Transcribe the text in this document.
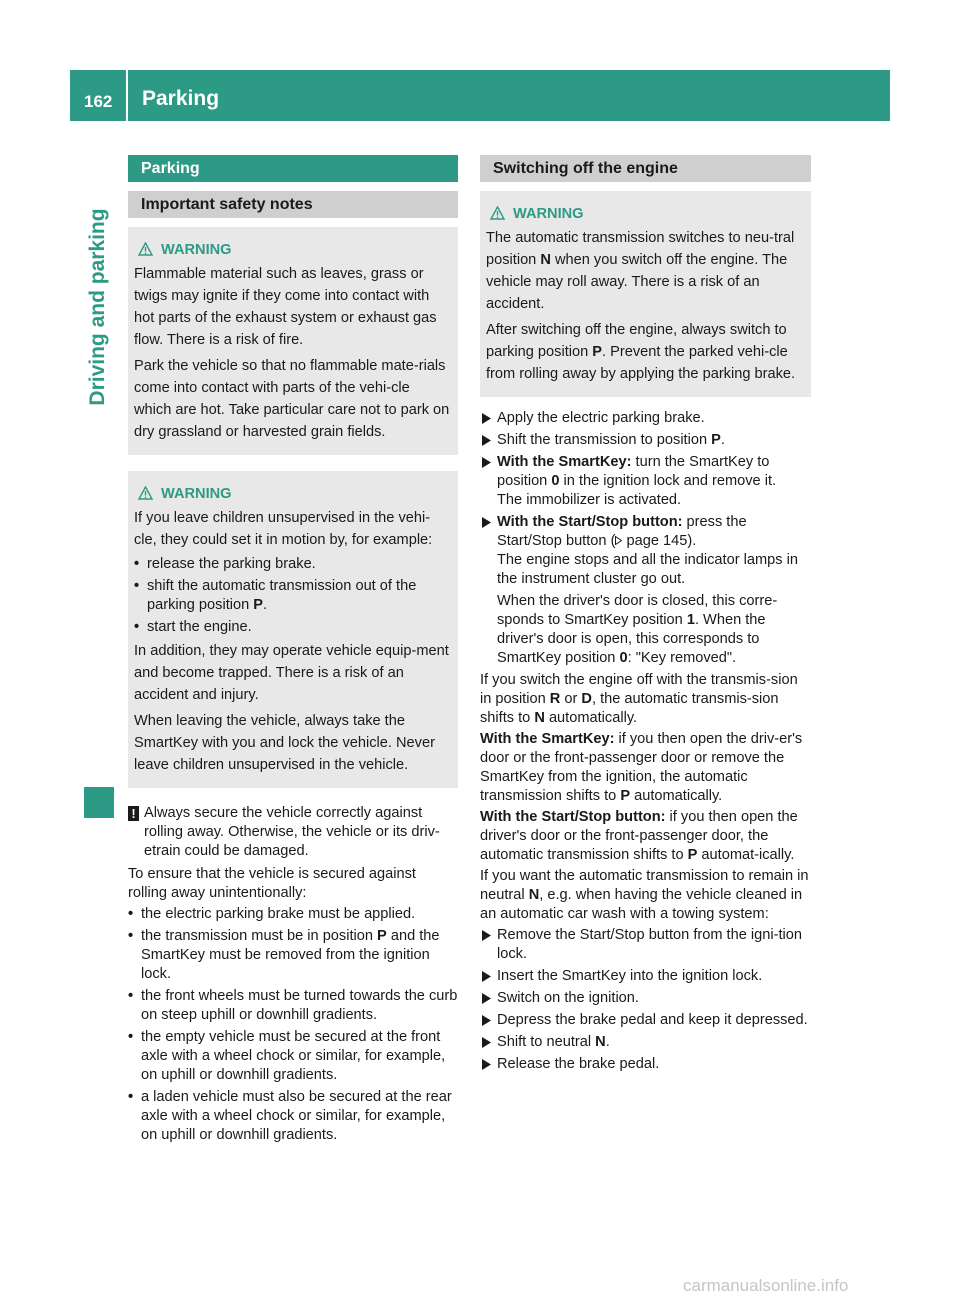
162 Parking
Driving and parking
Parking
Important safety notes

WARNING

Flammable material such as leaves, grass or twigs may ignite if they come into contact with hot parts of the exhaust system or exhaust gas flow. There is a risk of fire.

Park the vehicle so that no flammable mate-rials come into contact with parts of the vehi-cle which are hot. Take particular care not to park on dry grassland or harvested grain fields.

WARNING

If you leave children unsupervised in the vehi-cle, they could set it in motion by, for example:

• release the parking brake.
• shift the automatic transmission out of the parking position P.
• start the engine.

In addition, they may operate vehicle equip-ment and become trapped. There is a risk of an accident and injury.

When leaving the vehicle, always take the SmartKey with you and lock the vehicle. Never leave children unsupervised in the vehicle.

! Always secure the vehicle correctly against rolling away. Otherwise, the vehicle or its driv-etrain could be damaged.

To ensure that the vehicle is secured against rolling away unintentionally:

• the electric parking brake must be applied.
• the transmission must be in position P and the SmartKey must be removed from the ignition lock.
• the front wheels must be turned towards the curb on steep uphill or downhill gradients.
• the empty vehicle must be secured at the front axle with a wheel chock or similar, for example, on uphill or downhill gradients.
• a laden vehicle must also be secured at the rear axle with a wheel chock or similar, for example, on uphill or downhill gradients.
Switching off the engine

WARNING

The automatic transmission switches to neu-tral position N when you switch off the engine. The vehicle may roll away. There is a risk of an accident.

After switching off the engine, always switch to parking position P. Prevent the parked vehi-cle from rolling away by applying the parking brake.

Apply the electric parking brake.
Shift the transmission to position P.
With the SmartKey: turn the SmartKey to position 0 in the ignition lock and remove it.
The immobilizer is activated.
With the Start/Stop button: press the Start/Stop button ( page 145).
The engine stops and all the indicator lamps in the instrument cluster go out.
When the driver's door is closed, this corre-sponds to SmartKey position 1. When the driver's door is open, this corresponds to SmartKey position 0: "Key removed".

If you switch the engine off with the transmis-sion in position R or D, the automatic transmis-sion shifts to N automatically.

With the SmartKey: if you then open the driv-er's door or the front-passenger door or remove the SmartKey from the ignition, the automatic transmission shifts to P automatically.

With the Start/Stop button: if you then open the driver's door or the front-passenger door, the automatic transmission shifts to P automat-ically.

If you want the automatic transmission to remain in neutral N, e.g. when having the vehicle cleaned in an automatic car wash with a towing system:

Remove the Start/Stop button from the igni-tion lock.
Insert the SmartKey into the ignition lock.
Switch on the ignition.
Depress the brake pedal and keep it depressed.
Shift to neutral N.
Release the brake pedal.
carmanualsonline.info
